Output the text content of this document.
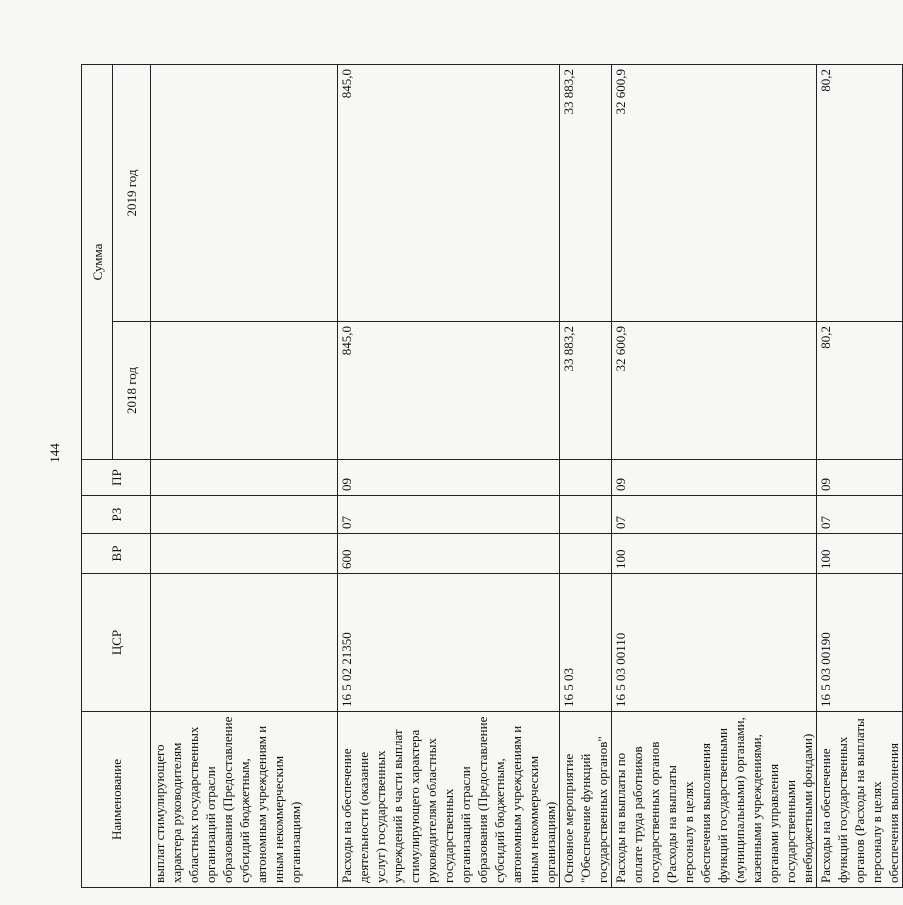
144
Наименование	ЦСР	ВР	РЗ	ПР	Сумма	
					2018 год	2019 год
выплат стимулирующего характера руководителям областных государственных организаций отрасли образования (Предоставление субсидий бюджетным, автономным учреждениям и иным некоммерческим организациям)						
Расходы на обеспечение деятельности (оказание услуг) государственных учреждений в части выплат стимулирующего характера руководителям областных государственных организаций отрасли образования (Предоставление субсидий бюджетным, автономным учреждениям и иным некоммерческим организациям)	16 5 02 21350	600	07	09	845,0	845,0
Основное мероприятие "Обеспечение функций государственных органов"	16 5 03				33 883,2	33 883,2
Расходы на выплаты по оплате труда работников государственных органов (Расходы на выплаты персоналу в целях обеспечения выполнения функций государственными (муниципальными) органами, казенными учреждениями, органами управления государственными внебюджетными фондами)	16 5 03 00110	100	07	09	32 600,9	32 600,9
Расходы на обеспечение функций государственных органов (Расходы на выплаты персоналу в целях обеспечения выполнения	16 5 03 00190	100	07	09	80,2	80,2
